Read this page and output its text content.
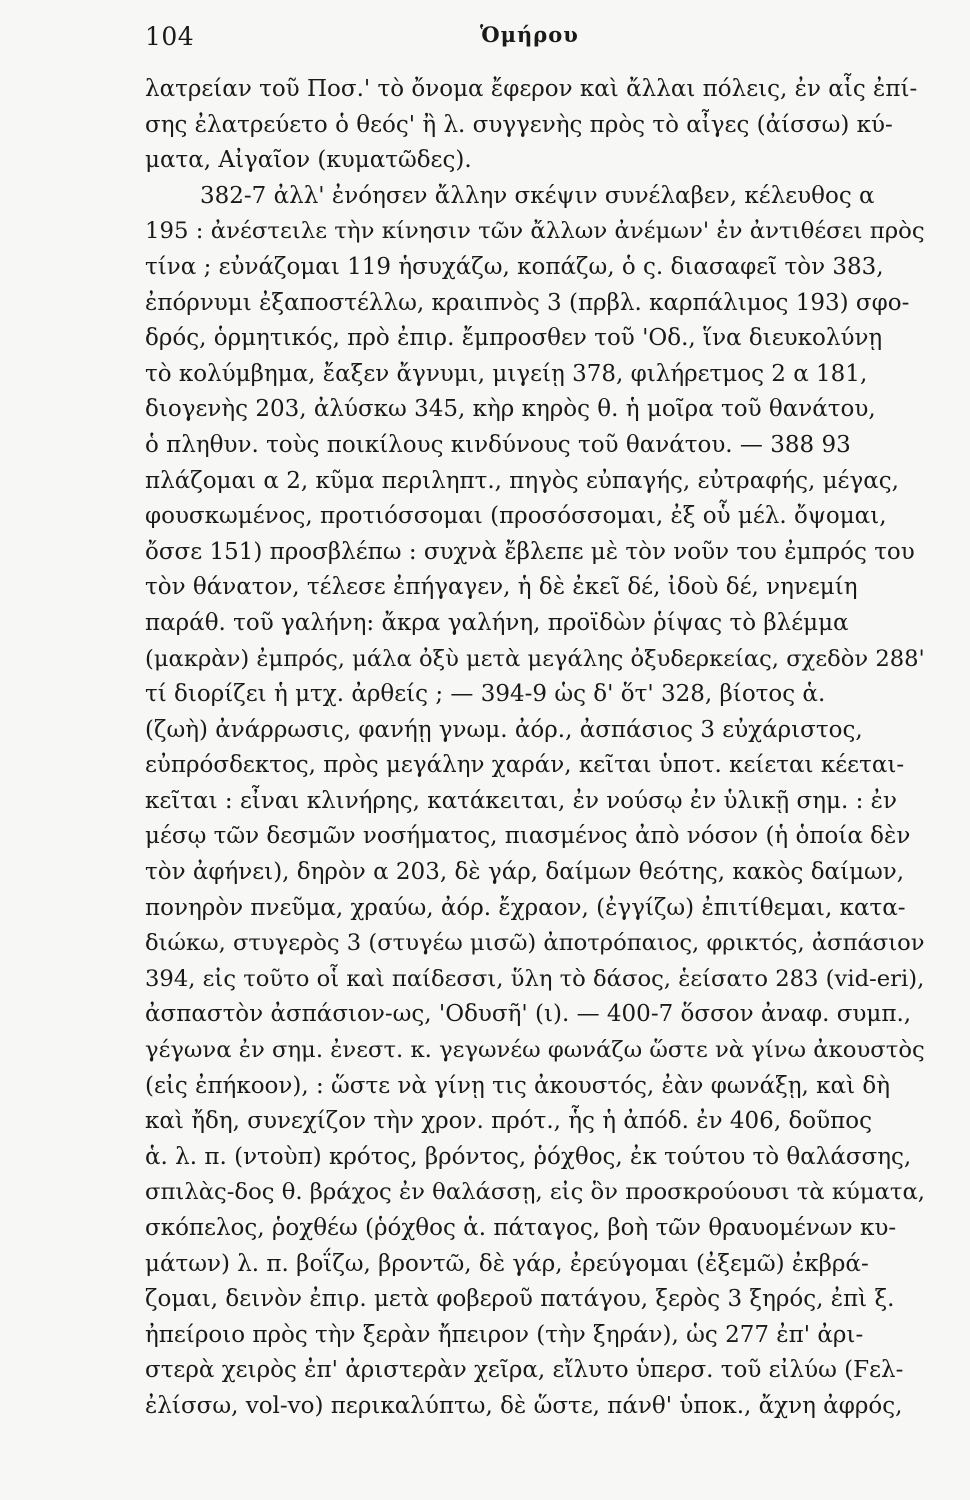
104	Ὁμήρου
λατρείαν τοῦ Ποσ.' τὸ ὄνομα ἔφερον καὶ ἄλλαι πόλεις, ἐν αἷς ἐπί-
σης ἐλατρεύετο ὁ θεός' ἢ λ. συγγενὴς πρὸς τὸ αἶγες (ἀίσσω) κύ-
ματα, Αἰγαῖον (κυματῶδες).
382-7 ἀλλ' ἐνόησεν ἄλλην σκέψιν συνέλαβεν, κέλευθος α
195 : ἀνέστειλε τὴν κίνησιν τῶν ἄλλων ἀνέμων' ἐν ἀντιθέσει πρὸς
τίνα ; εὐνάζομαι 119 ἡσυχάζω, κοπάζω, ὁ ς. διασαφεῖ τὸν 383,
ἐπόρνυμι ἐξαποστέλλω, κραιπνὸς 3 (πρβλ. καρπάλιμος 193) σφο-
δρός, ὁρμητικός, πρὸ ἐπιρ. ἔμπροσθεν τοῦ 'Οδ., ἵνα διευκολύνῃ
τὸ κολύμβημα, ἔαξεν ἄγνυμι, μιγείῃ 378, φιλήρετμος 2 α 181,
διογενὴς 203, ἀλύσκω 345, κὴρ κηρὸς θ. ἡ μοῖρα τοῦ θανάτου,
ὁ πληθυν. τοὺς ποικίλους κινδύνους τοῦ θανάτου. — 388 93
πλάζομαι α 2, κῦμα περιληπτ., πηγὸς εὐπαγής, εὐτραφής, μέγας,
φουσκωμένος, προτιόσσομαι (προσόσσομαι, ἐξ οὗ μέλ. ὄψομαι,
ὄσσε 151) προσβλέπω : συχνὰ ἔβλεπε μὲ τὸν νοῦν του ἐμπρός του
τὸν θάνατον, τέλεσε ἐπήγαγεν, ἡ δὲ ἐκεῖ δέ, ἰδοὺ δέ, νηνεμίη
παράθ. τοῦ γαλήνη: ἄκρα γαλήνη, προϊδὼν ῥίψας τὸ βλέμμα
(μακρὰν) ἐμπρός, μάλα ὀξὺ μετὰ μεγάλης ὀξυδερκείας, σχεδὸν 288'
τί διορίζει ἡ μτχ. ἀρθείς ; — 394-9 ὡς δ' ὅτ' 328, βίοτος ἁ.
(ζωὴ) ἀνάρρωσις, φανήῃ γνωμ. ἀόρ., ἀσπάσιος 3 εὐχάριστος,
εὐπρόσδεκτος, πρὸς μεγάλην χαράν, κεῖται ὑποτ. κείεται κέεται-
κεῖται : εἶναι κλινήρης, κατάκειται, ἐν νούσῳ ἐν ὑλικῇ σημ. : ἐν
μέσῳ τῶν δεσμῶν νοσήματος, πιασμένος ἀπὸ νόσον (ἡ ὁποία δὲν
τὸν ἀφήνει), δηρὸν α 203, δὲ γάρ, δαίμων θεότης, κακὸς δαίμων,
πονηρὸν πνεῦμα, χραύω, ἀόρ. ἔχραον, (ἐγγίζω) ἐπιτίθεμαι, κατα-
διώκω, στυγερὸς 3 (στυγέω μισῶ) ἀποτρόπαιος, φρικτός, ἀσπάσιον
394, εἰς τοῦτο οἷ καὶ παίδεσσι, ὕλη τὸ δάσος, ἑείσατο 283 (vid-eri),
ἀσπαστὸν ἀσπάσιον-ως, 'Οδυσῆ' (ι). — 400-7 ὅσσον ἀναφ. συμπ.,
γέγωνα ἐν σημ. ἐνεστ. κ. γεγωνέω φωνάζω ὥστε νὰ γίνω ἀκουστὸς
(εἰς ἐπήκοον), : ὥστε νὰ γίνῃ τις ἀκουστός, ἐὰν φωνάξῃ, καὶ δὴ
καὶ ἤδη, συνεχίζον τὴν χρον. πρότ., ἧς ἡ ἀπόδ. ἐν 406, δοῦπος
ἁ. λ. π. (ντοὺπ) κρότος, βρόντος, ῥόχθος, ἐκ τούτου τὸ θαλάσσης,
σπιλὰς-δος θ. βράχος ἐν θαλάσσῃ, εἰς ὃν προσκρούουσι τὰ κύματα,
σκόπελος, ῥοχθέω (ῥόχθος ἁ. πάταγος, βοὴ τῶν θραυομένων κυ-
μάτων) λ. π. βοΐζω, βροντῶ, δὲ γάρ, ἐρεύγομαι (ἐξεμῶ) ἐκβρά-
ζομαι, δεινὸν ἐπιρ. μετὰ φοβεροῦ πατάγου, ξερὸς 3 ξηρός, ἐπὶ ξ.
ἠπείροιο πρὸς τὴν ξερὰν ἤπειρον (τὴν ξηράν), ὡς 277 ἐπ' ἀρι-
στερὰ χειρὸς ἐπ' ἀριστερὰν χεῖρα, εἴλυτο ὑπερσ. τοῦ εἰλύω (Ϝελ-
ἐλίσσω, vol-vo) περικαλύπτω, δὲ ὥστε, πάνθ' ὑποκ., ἄχνη ἀφρός,
